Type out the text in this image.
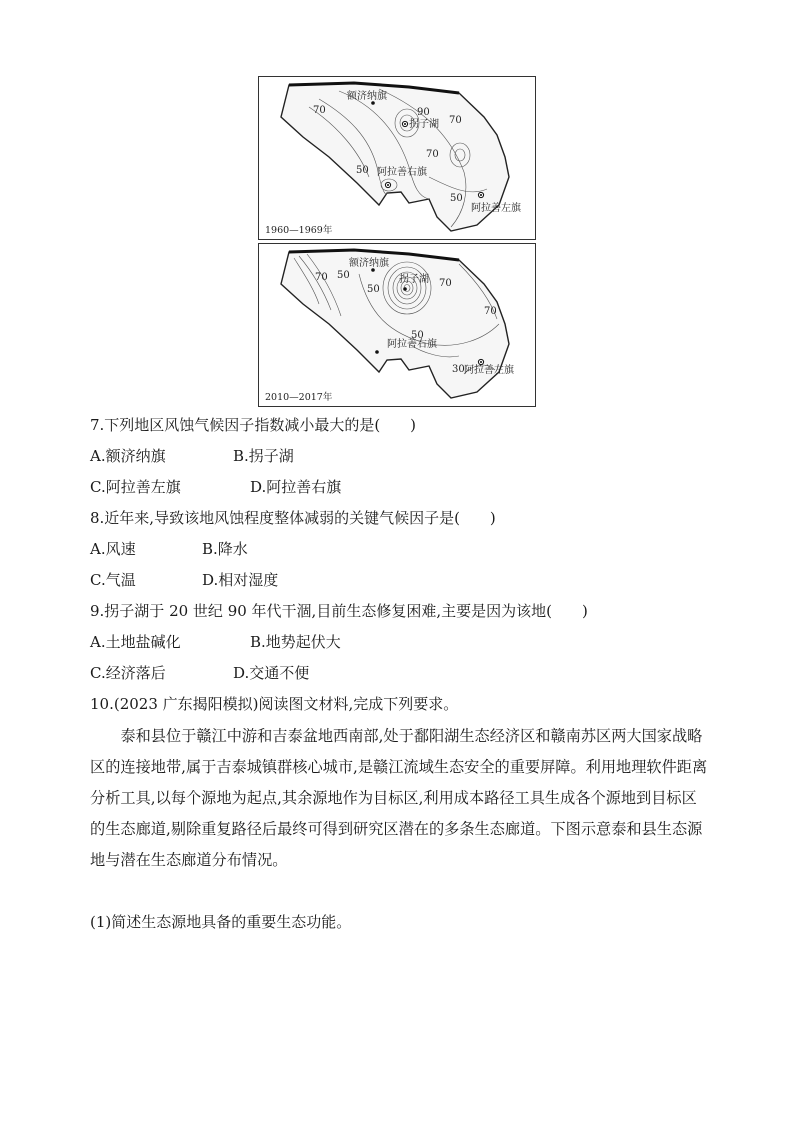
额济纳旗
拐子湖
阿拉善右旗
阿拉善左旗
70	90
70
70
50
50
1960—1969年
额济纳旗
拐子湖
阿拉善右旗
阿拉善左旗
70 50
50
70
70
50
30
2010—2017年
7.下列地区风蚀气候因子指数减小最大的是(　　)
A.额济纳旗	B.拐子湖
C.阿拉善左旗	D.阿拉善右旗
8.近年来,导致该地风蚀程度整体减弱的关键气候因子是(　　)
A.风速	B.降水
C.气温	D.相对湿度
9.拐子湖于 20 世纪 90 年代干涸,目前生态修复困难,主要是因为该地(　　)
A.土地盐碱化	B.地势起伏大
C.经济落后	D.交通不便
10.(2023 广东揭阳模拟)阅读图文材料,完成下列要求。
泰和县位于赣江中游和吉泰盆地西南部,处于鄱阳湖生态经济区和赣南苏区两大国家战略区的连接地带,属于吉泰城镇群核心城市,是赣江流域生态安全的重要屏障。利用地理软件距离分析工具,以每个源地为起点,其余源地作为目标区,利用成本路径工具生成各个源地到目标区的生态廊道,剔除重复路径后最终可得到研究区潜在的多条生态廊道。下图示意泰和县生态源地与潜在生态廊道分布情况。
(1)简述生态源地具备的重要生态功能。
